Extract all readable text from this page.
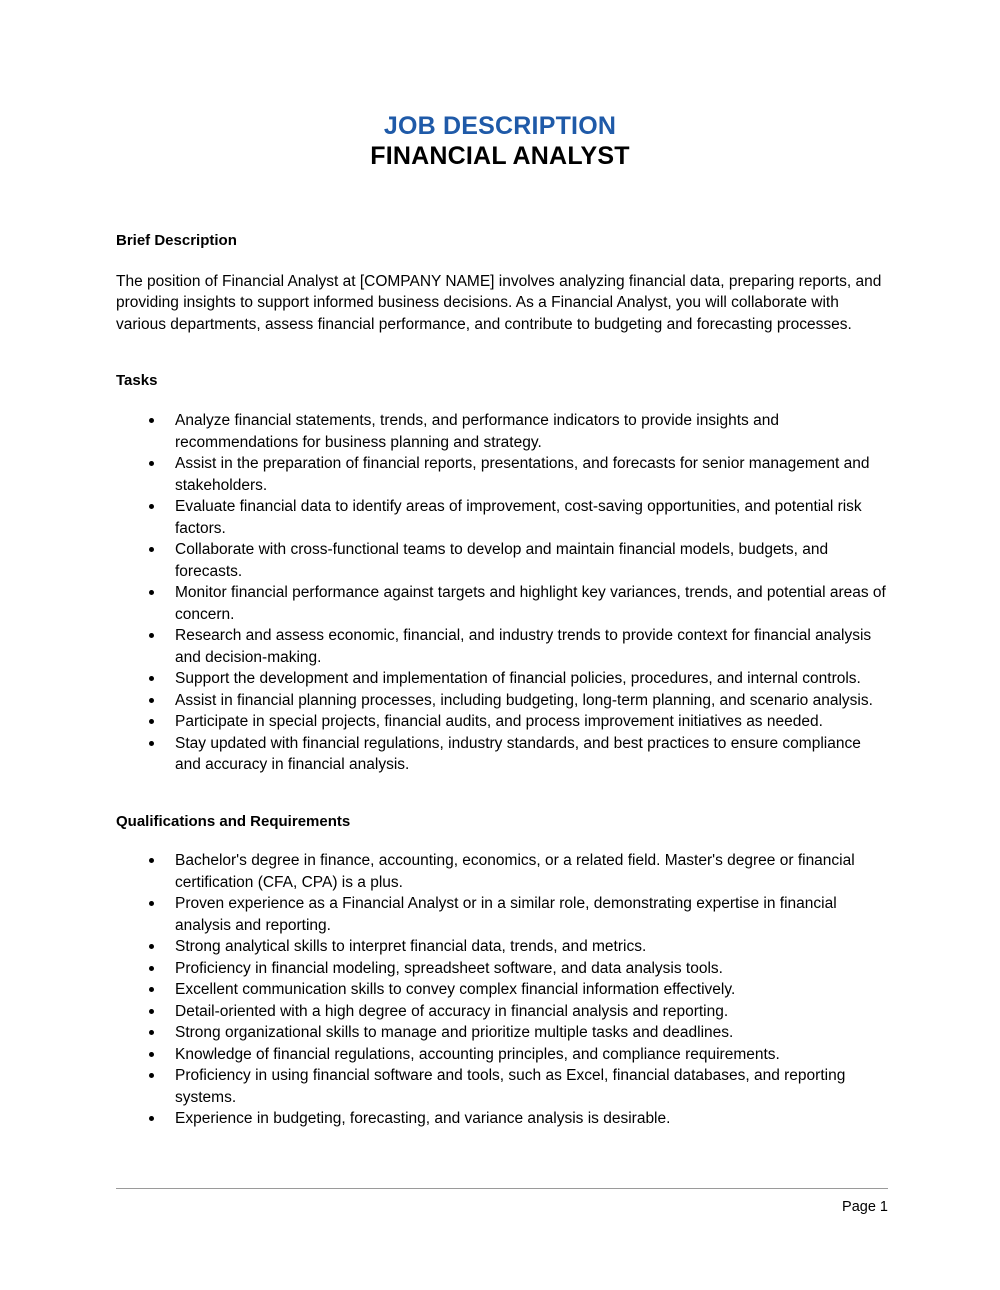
JOB DESCRIPTION
FINANCIAL ANALYST
Brief Description

The position of Financial Analyst at [COMPANY NAME] involves analyzing financial data, preparing reports, and providing insights to support informed business decisions. As a Financial Analyst, you will collaborate with various departments, assess financial performance, and contribute to budgeting and forecasting processes.

Tasks
Analyze financial statements, trends, and performance indicators to provide insights and recommendations for business planning and strategy.
Assist in the preparation of financial reports, presentations, and forecasts for senior management and stakeholders.
Evaluate financial data to identify areas of improvement, cost-saving opportunities, and potential risk factors.
Collaborate with cross-functional teams to develop and maintain financial models, budgets, and forecasts.
Monitor financial performance against targets and highlight key variances, trends, and potential areas of concern.
Research and assess economic, financial, and industry trends to provide context for financial analysis and decision-making.
Support the development and implementation of financial policies, procedures, and internal controls.
Assist in financial planning processes, including budgeting, long-term planning, and scenario analysis.
Participate in special projects, financial audits, and process improvement initiatives as needed.
Stay updated with financial regulations, industry standards, and best practices to ensure compliance and accuracy in financial analysis.
Qualifications and Requirements
Bachelor's degree in finance, accounting, economics, or a related field. Master's degree or financial certification (CFA, CPA) is a plus.
Proven experience as a Financial Analyst or in a similar role, demonstrating expertise in financial analysis and reporting.
Strong analytical skills to interpret financial data, trends, and metrics.
Proficiency in financial modeling, spreadsheet software, and data analysis tools.
Excellent communication skills to convey complex financial information effectively.
Detail-oriented with a high degree of accuracy in financial analysis and reporting.
Strong organizational skills to manage and prioritize multiple tasks and deadlines.
Knowledge of financial regulations, accounting principles, and compliance requirements.
Proficiency in using financial software and tools, such as Excel, financial databases, and reporting systems.
Experience in budgeting, forecasting, and variance analysis is desirable.
Page 1
